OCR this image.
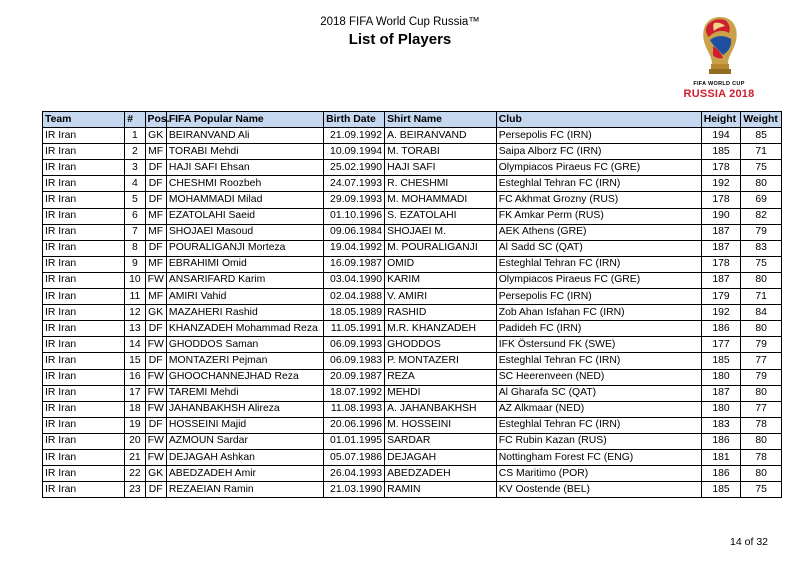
2018 FIFA World Cup Russia™
List of Players
FIFA WORLD CUP
RUSSIA 2018
Team	#	Pos.	FIFA Popular Name	Birth Date	Shirt Name	Club	Height	Weight
IR Iran	1	GK	BEIRANVAND Ali	21.09.1992	A. BEIRANVAND	Persepolis FC (IRN)	194	85
IR Iran	2	MF	TORABI Mehdi	10.09.1994	M. TORABI	Saipa Alborz FC (IRN)	185	71
IR Iran	3	DF	HAJI SAFI Ehsan	25.02.1990	HAJI SAFI	Olympiacos Piraeus FC (GRE)	178	75
IR Iran	4	DF	CHESHMI Roozbeh	24.07.1993	R. CHESHMI	Esteghlal Tehran FC (IRN)	192	80
IR Iran	5	DF	MOHAMMADI Milad	29.09.1993	M. MOHAMMADI	FC Akhmat Grozny (RUS)	178	69
IR Iran	6	MF	EZATOLAHI Saeid	01.10.1996	S. EZATOLAHI	FK Amkar Perm (RUS)	190	82
IR Iran	7	MF	SHOJAEI Masoud	09.06.1984	SHOJAEI M.	AEK Athens (GRE)	187	79
IR Iran	8	DF	POURALIGANJI Morteza	19.04.1992	M. POURALIGANJI	Al Sadd SC (QAT)	187	83
IR Iran	9	MF	EBRAHIMI Omid	16.09.1987	OMID	Esteghlal Tehran FC (IRN)	178	75
IR Iran	10	FW	ANSARIFARD Karim	03.04.1990	KARIM	Olympiacos Piraeus FC (GRE)	187	80
IR Iran	11	MF	AMIRI Vahid	02.04.1988	V. AMIRI	Persepolis FC (IRN)	179	71
IR Iran	12	GK	MAZAHERI Rashid	18.05.1989	RASHID	Zob Ahan Isfahan FC (IRN)	192	84
IR Iran	13	DF	KHANZADEH Mohammad Reza	11.05.1991	M.R. KHANZADEH	Padideh FC (IRN)	186	80
IR Iran	14	FW	GHODDOS Saman	06.09.1993	GHODDOS	IFK Östersund FK (SWE)	177	79
IR Iran	15	DF	MONTAZERI Pejman	06.09.1983	P. MONTAZERI	Esteghlal Tehran FC (IRN)	185	77
IR Iran	16	FW	GHOOCHANNEJHAD Reza	20.09.1987	REZA	SC Heerenveen (NED)	180	79
IR Iran	17	FW	TAREMI Mehdi	18.07.1992	MEHDI	Al Gharafa SC (QAT)	187	80
IR Iran	18	FW	JAHANBAKHSH Alireza	11.08.1993	A. JAHANBAKHSH	AZ Alkmaar (NED)	180	77
IR Iran	19	DF	HOSSEINI Majid	20.06.1996	M. HOSSEINI	Esteghlal Tehran FC (IRN)	183	78
IR Iran	20	FW	AZMOUN Sardar	01.01.1995	SARDAR	FC Rubin Kazan (RUS)	186	80
IR Iran	21	FW	DEJAGAH Ashkan	05.07.1986	DEJAGAH	Nottingham Forest FC (ENG)	181	78
IR Iran	22	GK	ABEDZADEH Amir	26.04.1993	ABEDZADEH	CS Maritimo (POR)	186	80
IR Iran	23	DF	REZAEIAN Ramin	21.03.1990	RAMIN	KV Oostende (BEL)	185	75
14 of 32
